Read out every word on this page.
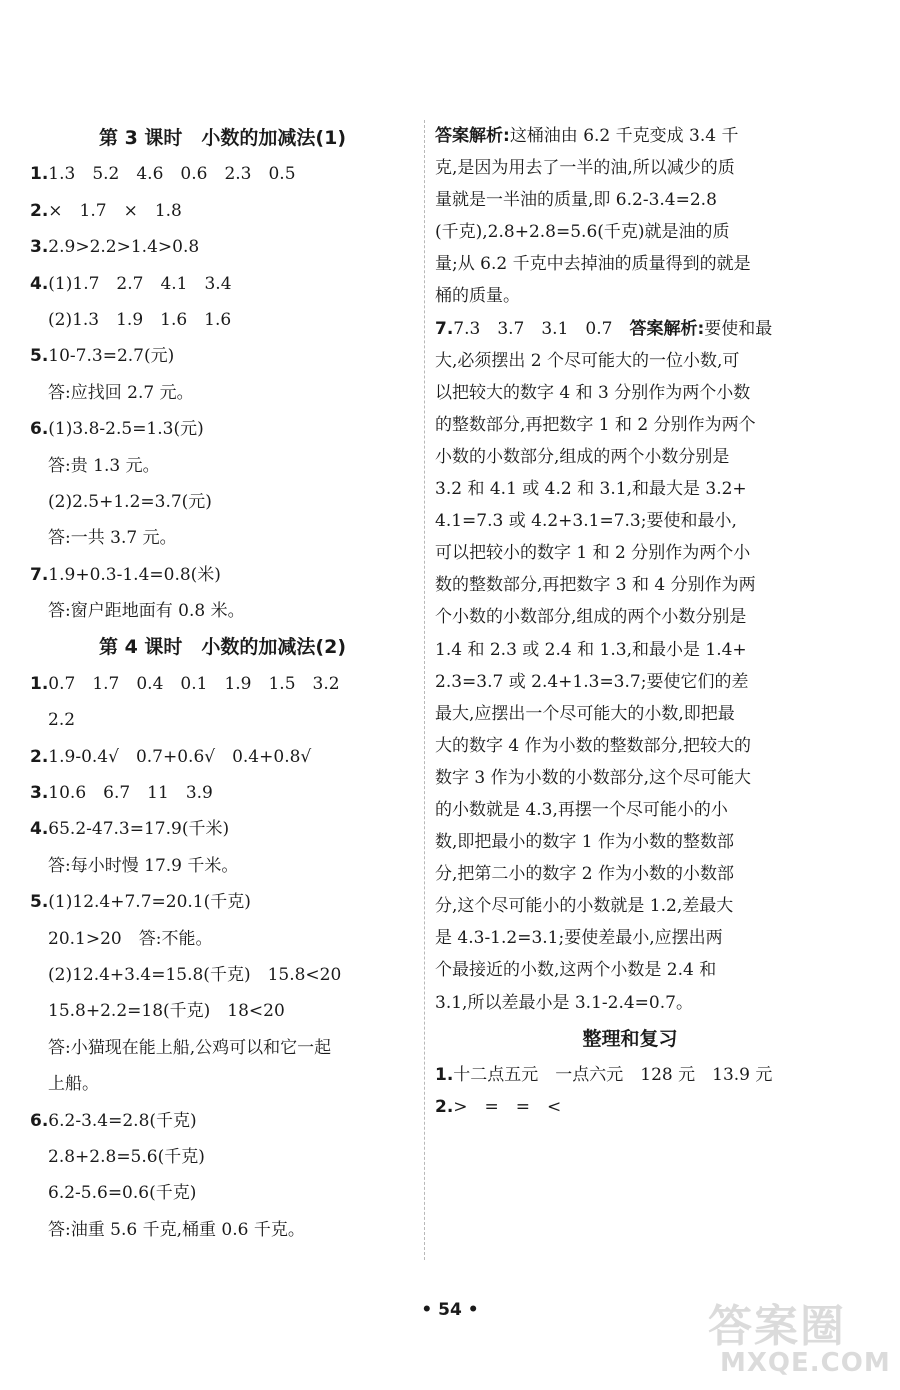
第 3 课时　小数的加减法(1)
1.1.3　5.2　4.6　0.6　2.3　0.5
2.×　1.7　×　1.8
3.2.9>2.2>1.4>0.8
4.(1)1.7　2.7　4.1　3.4
(2)1.3　1.9　1.6　1.6
5.10-7.3=2.7(元)
答:应找回 2.7 元。
6.(1)3.8-2.5=1.3(元)
答:贵 1.3 元。
(2)2.5+1.2=3.7(元)
答:一共 3.7 元。
7.1.9+0.3-1.4=0.8(米)
答:窗户距地面有 0.8 米。
第 4 课时　小数的加减法(2)
1.0.7　1.7　0.4　0.1　1.9　1.5　3.2
2.2
2.1.9-0.4√　0.7+0.6√　0.4+0.8√
3.10.6　6.7　11　3.9
4.65.2-47.3=17.9(千米)
答:每小时慢 17.9 千米。
5.(1)12.4+7.7=20.1(千克)
20.1>20　答:不能。
(2)12.4+3.4=15.8(千克)　15.8<20
15.8+2.2=18(千克)　18<20
答:小猫现在能上船,公鸡可以和它一起
上船。
6.6.2-3.4=2.8(千克)
2.8+2.8=5.6(千克)
6.2-5.6=0.6(千克)
答:油重 5.6 千克,桶重 0.6 千克。
答案解析:这桶油由 6.2 千克变成 3.4 千
克,是因为用去了一半的油,所以减少的质
量就是一半油的质量,即 6.2-3.4=2.8
(千克),2.8+2.8=5.6(千克)就是油的质
量;从 6.2 千克中去掉油的质量得到的就是
桶的质量。
7.7.3　3.7　3.1　0.7　 答案解析:要使和最
大,必须摆出 2 个尽可能大的一位小数,可
以把较大的数字 4 和 3 分别作为两个小数
的整数部分,再把数字 1 和 2 分别作为两个
小数的小数部分,组成的两个小数分别是
3.2 和 4.1 或 4.2 和 3.1,和最大是 3.2+
4.1=7.3 或 4.2+3.1=7.3;要使和最小,
可以把较小的数字 1 和 2 分别作为两个小
数的整数部分,再把数字 3 和 4 分别作为两
个小数的小数部分,组成的两个小数分别是
1.4 和 2.3 或 2.4 和 1.3,和最小是 1.4+
2.3=3.7 或 2.4+1.3=3.7;要使它们的差
最大,应摆出一个尽可能大的小数,即把最
大的数字 4 作为小数的整数部分,把较大的
数字 3 作为小数的小数部分,这个尽可能大
的小数就是 4.3,再摆一个尽可能小的小
数,即把最小的数字 1 作为小数的整数部
分,把第二小的数字 2 作为小数的小数部
分,这个尽可能小的小数就是 1.2,差最大
是 4.3-1.2=3.1;要使差最小,应摆出两
个最接近的小数,这两个小数是 2.4 和
3.1,所以差最小是 3.1-2.4=0.7。
整理和复习
1.十二点五元　一点六元　128 元　13.9 元
2.>　=　=　<
• 54 •	答案圈
MXQE.COM
